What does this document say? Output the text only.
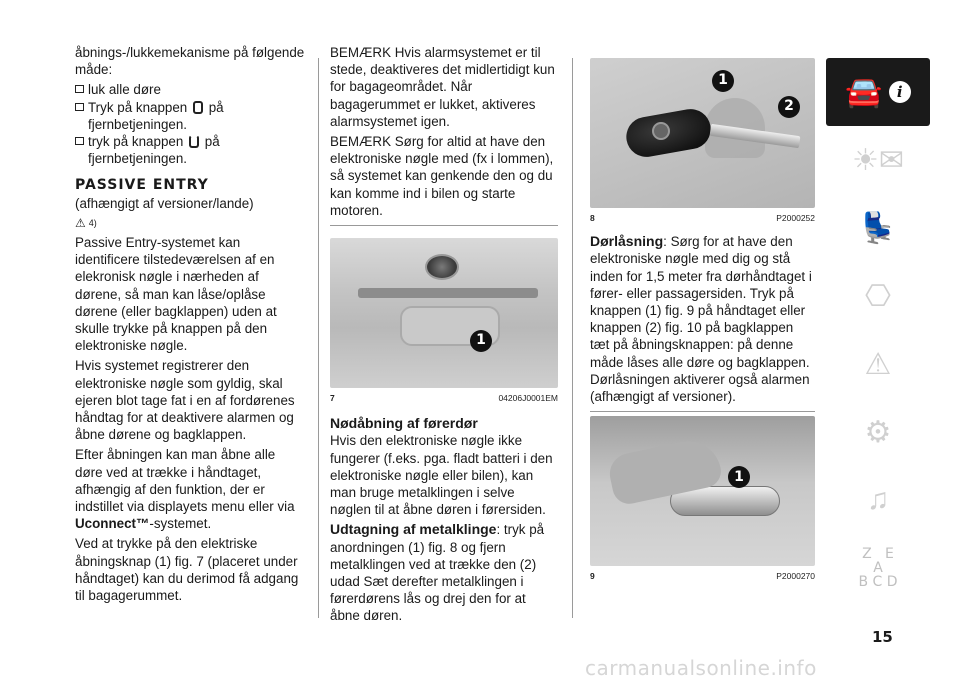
åbnings-/lukkemekanisme på følgende måde:

luk alle døre
Tryk på knappen på fjernbetjeningen.
tryk på knappen på fjernbetjeningen.
PASSIVE ENTRY

(afhængigt af versioner/lande)

⚠ 4)

Passive Entry-systemet kan identificere tilstedeværelsen af en elekronisk nøgle i nærheden af dørene, så man kan låse/oplåse dørene (eller bagklappen) uden at skulle trykke på knappen på den elektroniske nøgle.

Hvis systemet registrerer den elektroniske nøgle som gyldig, skal ejeren blot tage fat i en af fordørenes håndtag for at deaktivere alarmen og åbne dørene og bagklappen.

Efter åbningen kan man åbne alle døre ved at trække i håndtaget, afhængig af den funktion, der er indstillet via displayets menu eller via Uconnect™-systemet.

Ved at trykke på den elektriske åbningsknap (1) fig. 7 (placeret under håndtaget) kan du derimod få adgang til bagagerummet.

BEMÆRK Hvis alarmsystemet er til stede, deaktiveres det midlertidigt kun for bagageområdet. Når bagagerummet er lukket, aktiveres alarmsystemet igen.

BEMÆRK Sørg for altid at have den elektroniske nøgle med (fx i lommen), så systemet kan genkende den og du kan komme ind i bilen og starte motoren.

1
7	04206J0001EM
Nødåbning af førerdør

Hvis den elektroniske nøgle ikke fungerer (f.eks. pga. fladt batteri i den elektroniske nøgle eller bilen), kan man bruge metalklingen i selve nøglen til at åbne døren i førersiden.

Udtagning af metalklinge: tryk på anordningen (1) fig. 8 og fjern metalklingen ved at trække den (2) udad Sæt derefter metalklingen i førerdørens lås og drej den for at åbne døren.

1
2
8	P2000252

Dørlåsning: Sørg for at have den elektroniske nøgle med dig og stå inden for 1,5 meter fra dørhåndtaget i fører- eller passagersiden. Tryk på knappen (1) fig. 9 på håndtaget eller knappen (2) fig. 10 på bagklappen tæt på åbningsknappen: på denne måde låses alle døre og bagklappen. Dørlåsningen aktiverer også alarmen (afhængigt af versioner).

1
9	P2000270
🚘 i
☀✉
💺
⎔
⚠
⚙
♫
Z E
A
B C D
15
carmanualsonline.info
